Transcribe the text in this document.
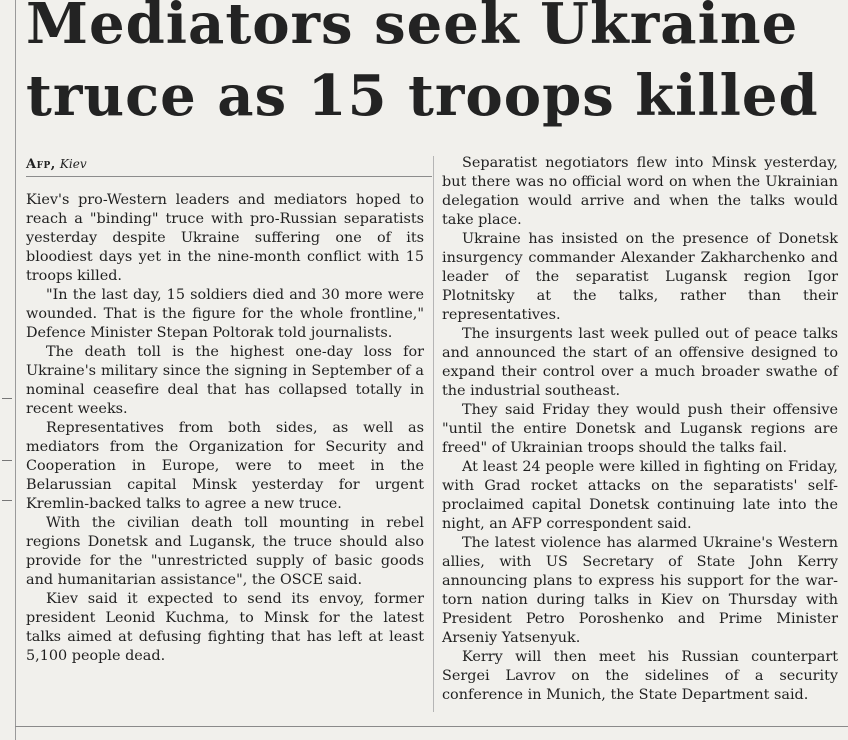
Mediators seek Ukraine
truce as 15 troops killed
Afp, Kiev

Kiev's pro-Western leaders and mediators hoped to reach a "binding" truce with pro-Russian separatists yesterday despite Ukraine suffering one of its bloodiest days yet in the nine-month conflict with 15 troops killed.

"In the last day, 15 soldiers died and 30 more were wounded. That is the figure for the whole frontline," Defence Minister Stepan Poltorak told journalists.

The death toll is the highest one-day loss for Ukraine's military since the signing in September of a nominal ceasefire deal that has collapsed totally in recent weeks.

Representatives from both sides, as well as mediators from the Organization for Security and Cooperation in Europe, were to meet in the Belarussian capital Minsk yesterday for urgent Kremlin-backed talks to agree a new truce.

With the civilian death toll mounting in rebel regions Donetsk and Lugansk, the truce should also provide for the "unrestricted supply of basic goods and humanitarian assistance", the OSCE said.

Kiev said it expected to send its envoy, former president Leonid Kuchma, to Minsk for the latest talks aimed at defusing fighting that has left at least 5,100 people dead.

Separatist negotiators flew into Minsk yesterday, but there was no official word on when the Ukrainian delegation would arrive and when the talks would take place.

Ukraine has insisted on the presence of Donetsk insurgency commander Alexander Zakharchenko and leader of the separatist Lugansk region Igor Plotnitsky at the talks, rather than their representatives.

The insurgents last week pulled out of peace talks and announced the start of an offensive designed to expand their control over a much broader swathe of the industrial southeast.

They said Friday they would push their offensive "until the entire Donetsk and Lugansk regions are freed" of Ukrainian troops should the talks fail.

At least 24 people were killed in fighting on Friday, with Grad rocket attacks on the separatists' self-proclaimed capital Donetsk continuing late into the night, an AFP correspondent said.

The latest violence has alarmed Ukraine's Western allies, with US Secretary of State John Kerry announcing plans to express his support for the war-torn nation during talks in Kiev on Thursday with President Petro Poroshenko and Prime Minister Arseniy Yatsenyuk.

Kerry will then meet his Russian counterpart Sergei Lavrov on the sidelines of a security conference in Munich, the State Department said.
